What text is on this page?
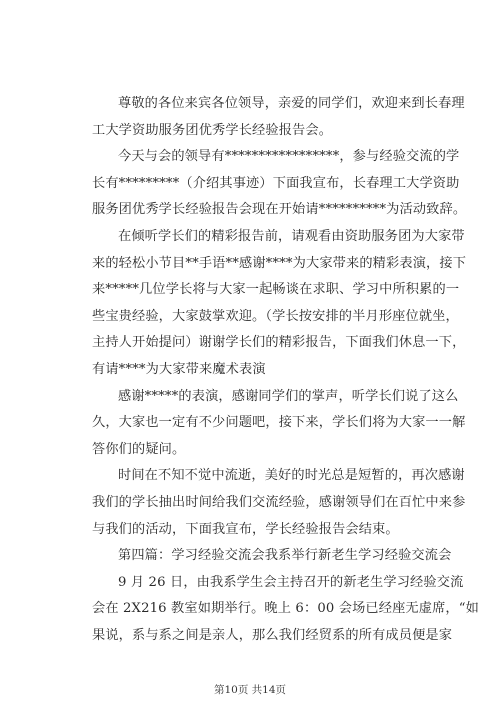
尊敬的各位来宾各位领导，亲爱的同学们，欢迎来到长春理
工大学资助服务团优秀学长经验报告会。

今天与会的领导有*****************，参与经验交流的学
长有*********（介绍其事迹）下面我宣布，长春理工大学资助
服务团优秀学长经验报告会现在开始请**********为活动致辞。

在倾听学长们的精彩报告前，请观看由资助服务团为大家带
来的轻松小节目**手语**感谢****为大家带来的精彩表演，接下
来*****几位学长将与大家一起畅谈在求职、学习中所积累的一
些宝贵经验，大家鼓掌欢迎。（学长按安排的半月形座位就坐，
主持人开始提问）谢谢学长们的精彩报告，下面我们休息一下，
有请****为大家带来魔术表演

感谢*****的表演，感谢同学们的掌声，听学长们说了这么
久，大家也一定有不少问题吧，接下来，学长们将为大家一一解
答你们的疑问。

时间在不知不觉中流逝，美好的时光总是短暂的，再次感谢
我们的学长抽出时间给我们交流经验，感谢领导们在百忙中来参
与我们的活动，下面我宣布，学长经验报告会结束。

第四篇：学习经验交流会我系举行新老生学习经验交流会

9 月 26 日，由我系学生会主持召开的新老生学习经验交流
会在 2X216 教室如期举行。晚上 6：00 会场已经座无虚席，“如
果说，系与系之间是亲人，那么我们经贸系的所有成员便是家

第10页 共14页
